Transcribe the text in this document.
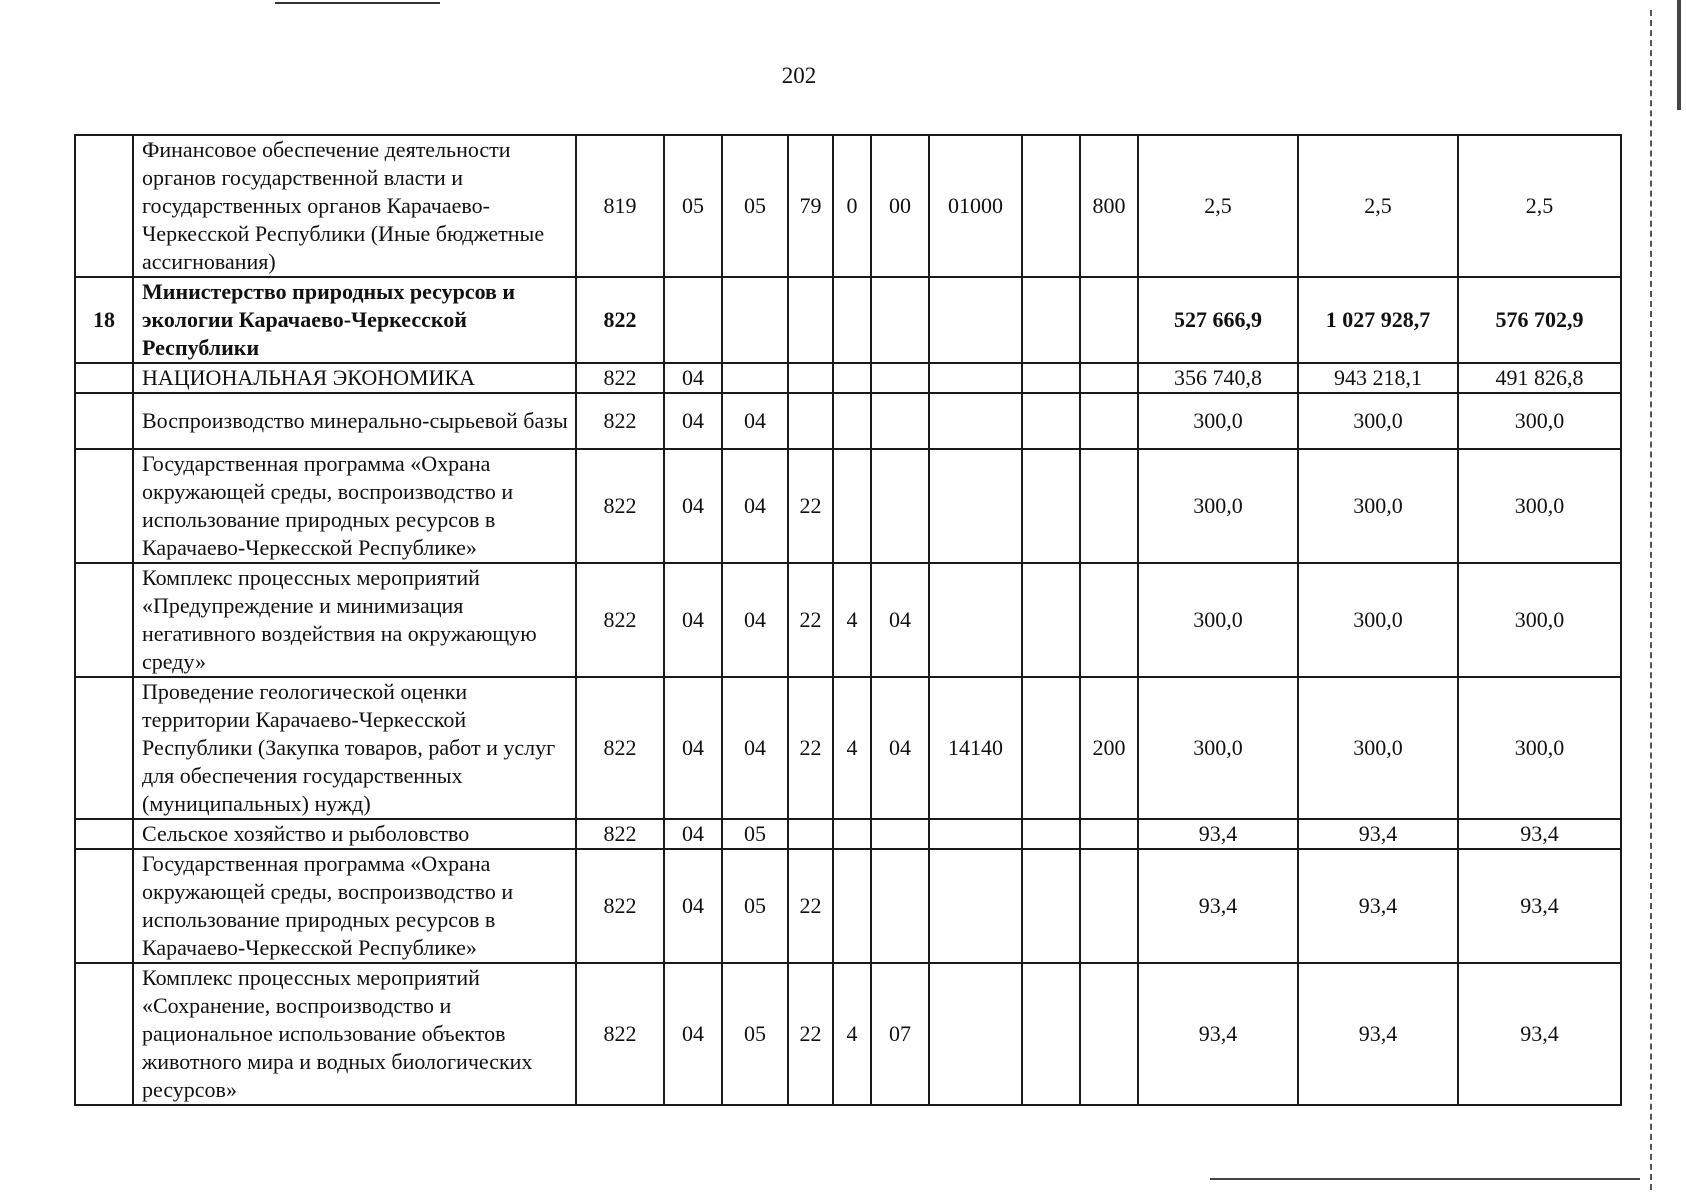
202
	Финансовое обеспечение деятельности органов государственной власти и государственных органов Карачаево-Черкесской Республики (Иные бюджетные ассигнования)	819	05	05	79	0	00	01000		800	2,5	2,5	2,5
18	Министерство природных ресурсов и экологии Карачаево-Черкесской Республики	822									527 666,9	1 027 928,7	576 702,9
	НАЦИОНАЛЬНАЯ ЭКОНОМИКА	822	04								356 740,8	943 218,1	491 826,8
	Воспроизводство минерально-сырьевой базы	822	04	04							300,0	300,0	300,0
	Государственная программа «Охрана окружающей среды, воспроизводство и использование природных ресурсов в Карачаево-Черкесской Республике»	822	04	04	22						300,0	300,0	300,0
	Комплекс процессных мероприятий «Предупреждение и минимизация негативного воздействия на окружающую среду»	822	04	04	22	4	04				300,0	300,0	300,0
	Проведение геологической оценки территории Карачаево-Черкесской Республики (Закупка товаров, работ и услуг для обеспечения государственных (муниципальных) нужд)	822	04	04	22	4	04	14140		200	300,0	300,0	300,0
	Сельское хозяйство и рыболовство	822	04	05							93,4	93,4	93,4
	Государственная программа «Охрана окружающей среды, воспроизводство и использование природных ресурсов в Карачаево-Черкесской Республике»	822	04	05	22						93,4	93,4	93,4
	Комплекс процессных мероприятий «Сохранение, воспроизводство и рациональное использование объектов животного мира и водных биологических ресурсов»	822	04	05	22	4	07				93,4	93,4	93,4
